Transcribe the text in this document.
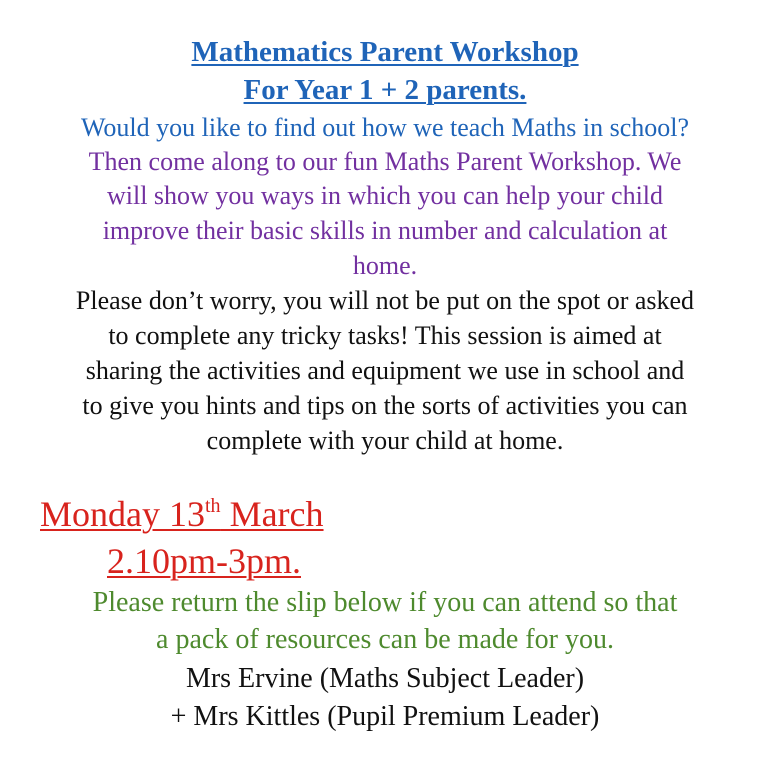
Mathematics Parent Workshop
For Year 1 + 2 parents.
Would you like to find out how we teach Maths in school?
Then come along to our fun Maths Parent Workshop. We
will show you ways in which you can help your child
improve their basic skills in number and calculation at
home.
Please don’t worry, you will not be put on the spot or asked
to complete any tricky tasks! This session is aimed at
sharing the activities and equipment we use in school and
to give you hints and tips on the sorts of activities you can
complete with your child at home.
Monday 13th March
2.10pm-3pm.
Please return the slip below if you can attend so that
a pack of resources can be made for you.
Mrs Ervine (Maths Subject Leader)
+ Mrs Kittles (Pupil Premium Leader)
